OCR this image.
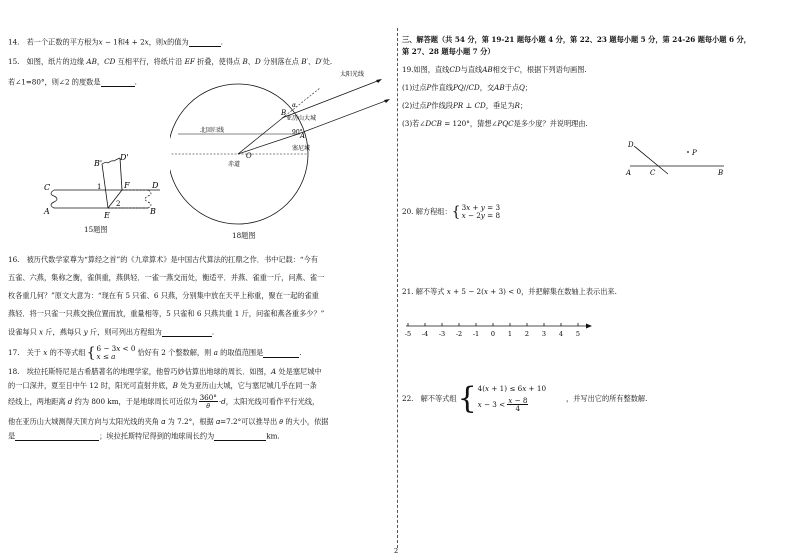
14.　若一个正数的平方根为𝑥 − 1和4 + 2𝑥，则𝑥的值为	.
15.　如图，纸片的边缘 𝐴𝐵，𝐶𝐷 互相平行，将纸片沿 𝐸𝐹 折叠，使得点 𝐵、𝐷 分别落在点 𝐵′、𝐷′处.
若∠1=80°，则∠2 的度数是	.
C	D
A	B
E
F
B'
D'
1
2
15题图
太阳光线
亚历山大城
北回归线
赤道
塞尼城
B
A
O
α
90°
18题图
16.　被历代数学家尊为“算经之首”的《九章算术》是中国古代算法的扛鼎之作．书中记载：“今有
五雀、六燕，集称之衡，雀俱重，燕俱轻．一雀一燕交而处，衡适平．并燕、雀重一斤，问燕、雀一
枚各重几何？”原文大意为：“现在有 5 只雀、6 只燕，分别集中放在天平上称重，聚在一起的雀重
燕轻．将一只雀一只燕交换位置而放，重量相等，5 只雀和 6 只燕共重 1 斤，问雀和燕各重多少？”
设雀每只 𝑥 斤，燕每只 𝑦 斤，则可列出方程组为	.
17.　关于 𝑥 的不等式组 { 6 − 3𝑥 < 0
𝑥 ≤ 𝑎	恰好有 2 个整数解，则 𝑎 的取值范围是	.
18.　埃拉托斯特尼是古希腊著名的地理学家，他曾巧妙估算出地球的周长．如图，𝐴 处是塞尼城中
的一口深井，夏至日中午 12 时，阳光可直射井底，𝐵 处为亚历山大城，它与塞尼城几乎在同一条
经线上，两地距离 𝑑 约为 800 km，于是地球周长可近似为 $\frac{360^\circ}{\text{𝜃}}$ ·𝑑，太阳光线可看作平行光线，
他在亚历山大城测得天顶方向与太阳光线的夹角 𝛼 为 7.2°，根据 𝛼=7.2°可以推导出 𝜃 的大小，依据
是	；埃拉托斯特尼得到的地球周长约为	km.
三、解答题（共 54 分，第 19-21 题每小题 4 分，第 22、23 题每小题 5 分，第 24-26 题每小题 6 分，
第 27、28 题每小题 7 分）
19.如图，直线𝐶𝐷与直线𝐴𝐵相交于𝐶，根据下列语句画图.
(1)过点𝑃作直线𝑃𝑄//𝐶𝐷，交𝐴𝐵于点𝑄；
(2)过点𝑃作线段𝑃𝑅 ⊥ 𝐶𝐷，垂足为𝑅；
(3)若∠𝐷𝐶𝐵 = 120°，猜想∠𝑃𝑄𝐶是多少度？并说明理由.
D
P
A	C	B
20. 解方程组： { 3𝑥 + 𝑦 = 3
𝑥 − 2𝑦 = 8
21. 解不等式 𝑥 + 5 − 2(𝑥 + 3) < 0，并把解集在数轴上表示出来.
-5 -4 -3 -2 -1 0 1 2 3 4 5
22.　解不等式组 { 4(𝑥 + 1) ≤ 6𝑥 + 10
𝑥 − $3 < \frac{\text{𝑥 − 8}}{4}$	，并写出它的所有整数解.
2
